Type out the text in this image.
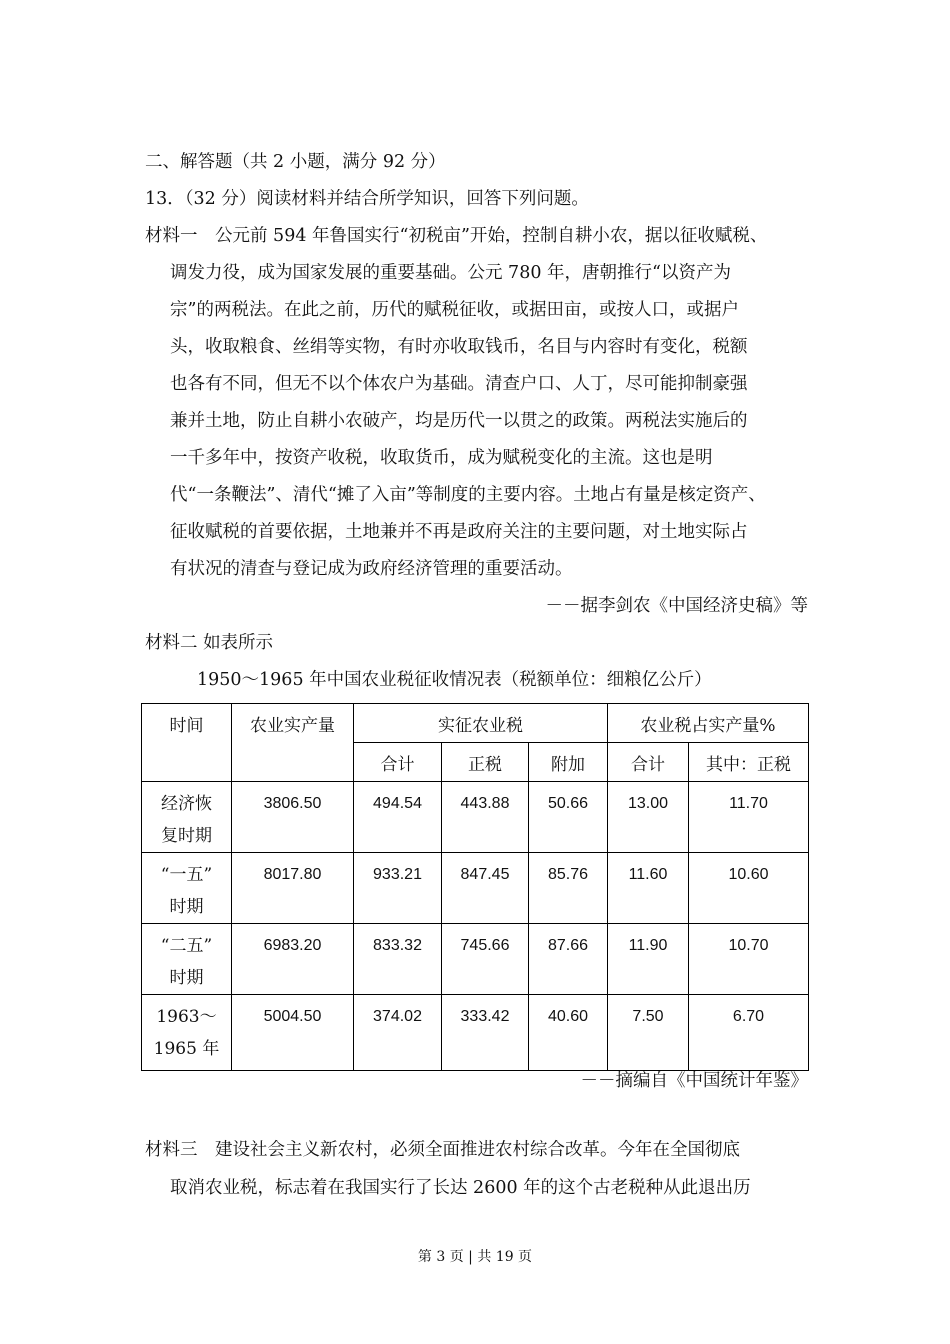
二、解答题（共 2 小题，满分 92 分）
13．（32 分）阅读材料并结合所学知识，回答下列问题。
材料一　公元前 594 年鲁国实行“初税亩”开始，控制自耕小农，据以征收赋税、
调发力役，成为国家发展的重要基础。公元 780 年，唐朝推行“以资产为
宗”的两税法。在此之前，历代的赋税征收，或据田亩，或按人口，或据户
头，收取粮食、丝绢等实物，有时亦收取钱币，名目与内容时有变化，税额
也各有不同，但无不以个体农户为基础。清查户口、人丁，尽可能抑制豪强
兼并土地，防止自耕小农破产，均是历代一以贯之的政策。两税法实施后的
一千多年中，按资产收税，收取货币，成为赋税变化的主流。这也是明
代“一条鞭法”、清代“摊了入亩”等制度的主要内容。土地占有量是核定资产、
征收赋税的首要依据，土地兼并不再是政府关注的主要问题，对土地实际占
有状况的清查与登记成为政府经济管理的重要活动。
－－据李剑农《中国经济史稿》等
材料二 如表所示
1950～1965 年中国农业税征收情况表（税额单位：细粮亿公斤）
时间	农业实产量	实征农业税			农业税占实产量%	
		合计	正税	附加	合计	其中：正税

经济恢
复时期	3806.50	494.54	443.88	50.66	13.00	11.70

“一五”
时期	8017.80	933.21	847.45	85.76	11.60	10.60

“二五”
时期	6983.20	833.32	745.66	87.66	11.90	10.70

1963～
1965 年	5004.50	374.02	333.42	40.60	7.50	6.70
－－摘编自《中国统计年鉴》
材料三　建设社会主义新农村，必须全面推进农村综合改革。今年在全国彻底
取消农业税，标志着在我国实行了长达 2600 年的这个古老税种从此退出历
第 3 页 | 共 19 页
